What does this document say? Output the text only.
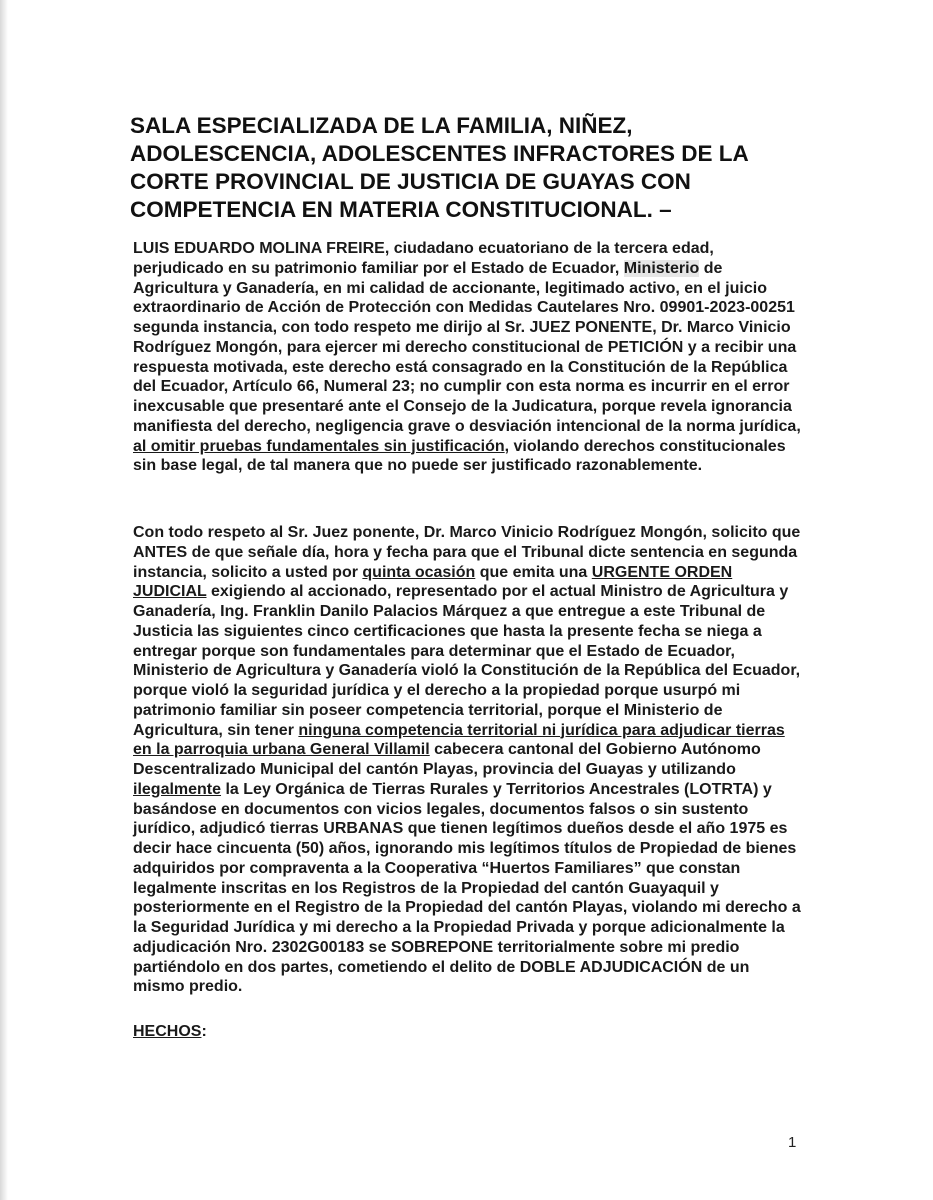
SALA ESPECIALIZADA DE LA FAMILIA, NIÑEZ, ADOLESCENCIA, ADOLESCENTES INFRACTORES DE LA CORTE PROVINCIAL DE JUSTICIA DE GUAYAS CON COMPETENCIA EN MATERIA CONSTITUCIONAL. –

LUIS EDUARDO MOLINA FREIRE, ciudadano ecuatoriano de la tercera edad, perjudicado en su patrimonio familiar por el Estado de Ecuador, Ministerio de Agricultura y Ganadería, en mi calidad de accionante, legitimado activo, en el juicio extraordinario de Acción de Protección con Medidas Cautelares Nro. 09901-2023-00251 segunda instancia, con todo respeto me dirijo al Sr. JUEZ PONENTE, Dr. Marco Vinicio Rodríguez Mongón, para ejercer mi derecho constitucional de PETICIÓN y a recibir una respuesta motivada, este derecho está consagrado en la Constitución de la República del Ecuador, Artículo 66, Numeral 23; no cumplir con esta norma es incurrir en el error inexcusable que presentaré ante el Consejo de la Judicatura, porque revela ignorancia manifiesta del derecho, negligencia grave o desviación intencional de la norma jurídica, al omitir pruebas fundamentales sin justificación, violando derechos constitucionales sin base legal, de tal manera que no puede ser justificado razonablemente.

Con todo respeto al Sr. Juez ponente, Dr. Marco Vinicio Rodríguez Mongón, solicito que ANTES de que señale día, hora y fecha para que el Tribunal dicte sentencia en segunda instancia, solicito a usted por quinta ocasión que emita una URGENTE ORDEN JUDICIAL exigiendo al accionado, representado por el actual Ministro de Agricultura y Ganadería, Ing. Franklin Danilo Palacios Márquez a que entregue a este Tribunal de Justicia las siguientes cinco certificaciones que hasta la presente fecha se niega a entregar porque son fundamentales para determinar que el Estado de Ecuador, Ministerio de Agricultura y Ganadería violó la Constitución de la República del Ecuador, porque violó la seguridad jurídica y el derecho a la propiedad porque usurpó mi patrimonio familiar sin poseer competencia territorial, porque el Ministerio de Agricultura, sin tener ninguna competencia territorial ni jurídica para adjudicar tierras en la parroquia urbana General Villamil cabecera cantonal del Gobierno Autónomo Descentralizado Municipal del cantón Playas, provincia del Guayas y utilizando ilegalmente la Ley Orgánica de Tierras Rurales y Territorios Ancestrales (LOTRTA) y basándose en documentos con vicios legales, documentos falsos o sin sustento jurídico, adjudicó tierras URBANAS que tienen legítimos dueños desde el año 1975 es decir hace cincuenta (50) años, ignorando mis legítimos títulos de Propiedad de bienes adquiridos por compraventa a la Cooperativa “Huertos Familiares” que constan legalmente inscritas en los Registros de la Propiedad del cantón Guayaquil y posteriormente en el Registro de la Propiedad del cantón Playas, violando mi derecho a la Seguridad Jurídica y mi derecho a la Propiedad Privada y porque adicionalmente la adjudicación Nro. 2302G00183 se SOBREPONE territorialmente sobre mi predio partiéndolo en dos partes, cometiendo el delito de DOBLE ADJUDICACIÓN de un mismo predio.

HECHOS:

1
